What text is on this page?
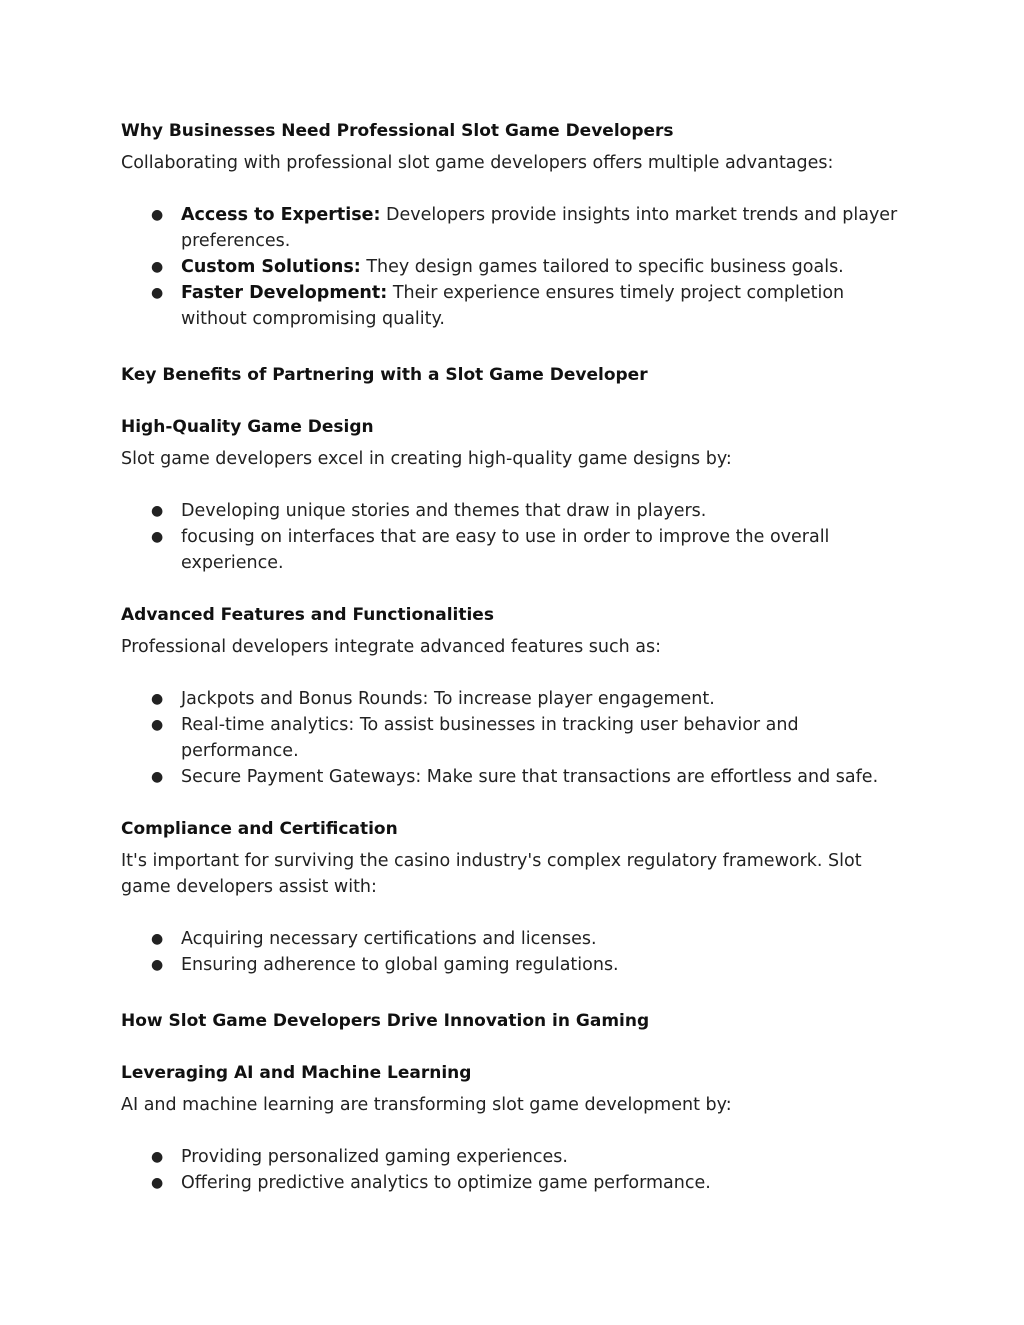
Why Businesses Need Professional Slot Game Developers

Collaborating with professional slot game developers offers multiple advantages:

● Access to Expertise: Developers provide insights into market trends and player preferences.
● Custom Solutions: They design games tailored to specific business goals.
● Faster Development: Their experience ensures timely project completion without compromising quality.
Key Benefits of Partnering with a Slot Game Developer
High-Quality Game Design

Slot game developers excel in creating high-quality game designs by:

● Developing unique stories and themes that draw in players.
● focusing on interfaces that are easy to use in order to improve the overall experience.
Advanced Features and Functionalities

Professional developers integrate advanced features such as:

● Jackpots and Bonus Rounds: To increase player engagement.
● Real-time analytics: To assist businesses in tracking user behavior and performance.
● Secure Payment Gateways: Make sure that transactions are effortless and safe.
Compliance and Certification

It's important for surviving the casino industry's complex regulatory framework. Slot game developers assist with:

● Acquiring necessary certifications and licenses.
● Ensuring adherence to global gaming regulations.
How Slot Game Developers Drive Innovation in Gaming
Leveraging AI and Machine Learning

AI and machine learning are transforming slot game development by:

● Providing personalized gaming experiences.
● Offering predictive analytics to optimize game performance.
